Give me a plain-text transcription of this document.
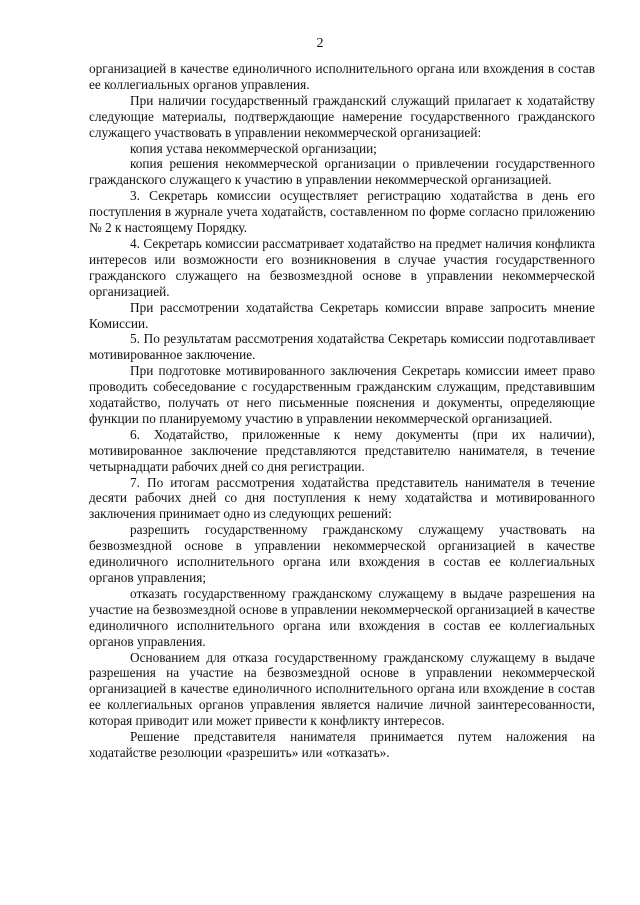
2

организацией в качестве единоличного исполнительного органа или вхождения в состав ее коллегиальных органов управления.

При наличии государственный гражданский служащий прилагает к ходатайству следующие материалы, подтверждающие намерение государственного гражданского служащего участвовать в управлении некоммерческой организацией:

копия устава некоммерческой организации;

копия решения некоммерческой организации о привлечении государственного гражданского служащего к участию в управлении некоммерческой организацией.

3. Секретарь комиссии осуществляет регистрацию ходатайства в день его поступления в журнале учета ходатайств, составленном по форме согласно приложению № 2 к настоящему Порядку.

4. Секретарь комиссии рассматривает ходатайство на предмет наличия конфликта интересов или возможности его возникновения в случае участия государственного гражданского служащего на безвозмездной основе в управлении некоммерческой организацией.

При рассмотрении ходатайства Секретарь комиссии вправе запросить мнение Комиссии.

5. По результатам рассмотрения ходатайства Секретарь комиссии подготавливает мотивированное заключение.

При подготовке мотивированного заключения Секретарь комиссии имеет право проводить собеседование с государственным гражданским служащим, представившим ходатайство, получать от него письменные пояснения и документы, определяющие функции по планируемому участию в управлении некоммерческой организацией.

6. Ходатайство, приложенные к нему документы (при их наличии), мотивированное заключение представляются представителю нанимателя, в течение четырнадцати рабочих дней со дня регистрации.

7. По итогам рассмотрения ходатайства представитель нанимателя в течение десяти рабочих дней со дня поступления к нему ходатайства и мотивированного заключения принимает одно из следующих решений:

разрешить государственному гражданскому служащему участвовать на безвозмездной основе в управлении некоммерческой организацией в качестве единоличного исполнительного органа или вхождения в состав ее коллегиальных органов управления;

отказать государственному гражданскому служащему в выдаче разрешения на участие на безвозмездной основе в управлении некоммерческой организацией в качестве единоличного исполнительного органа или вхождения в состав ее коллегиальных органов управления.

Основанием для отказа государственному гражданскому служащему в выдаче разрешения на участие на безвозмездной основе в управлении некоммерческой организацией в качестве единоличного исполнительного органа или вхождение в состав ее коллегиальных органов управления является наличие личной заинтересованности, которая приводит или может привести к конфликту интересов.

Решение представителя нанимателя принимается путем наложения на ходатайстве резолюции «разрешить» или «отказать».
